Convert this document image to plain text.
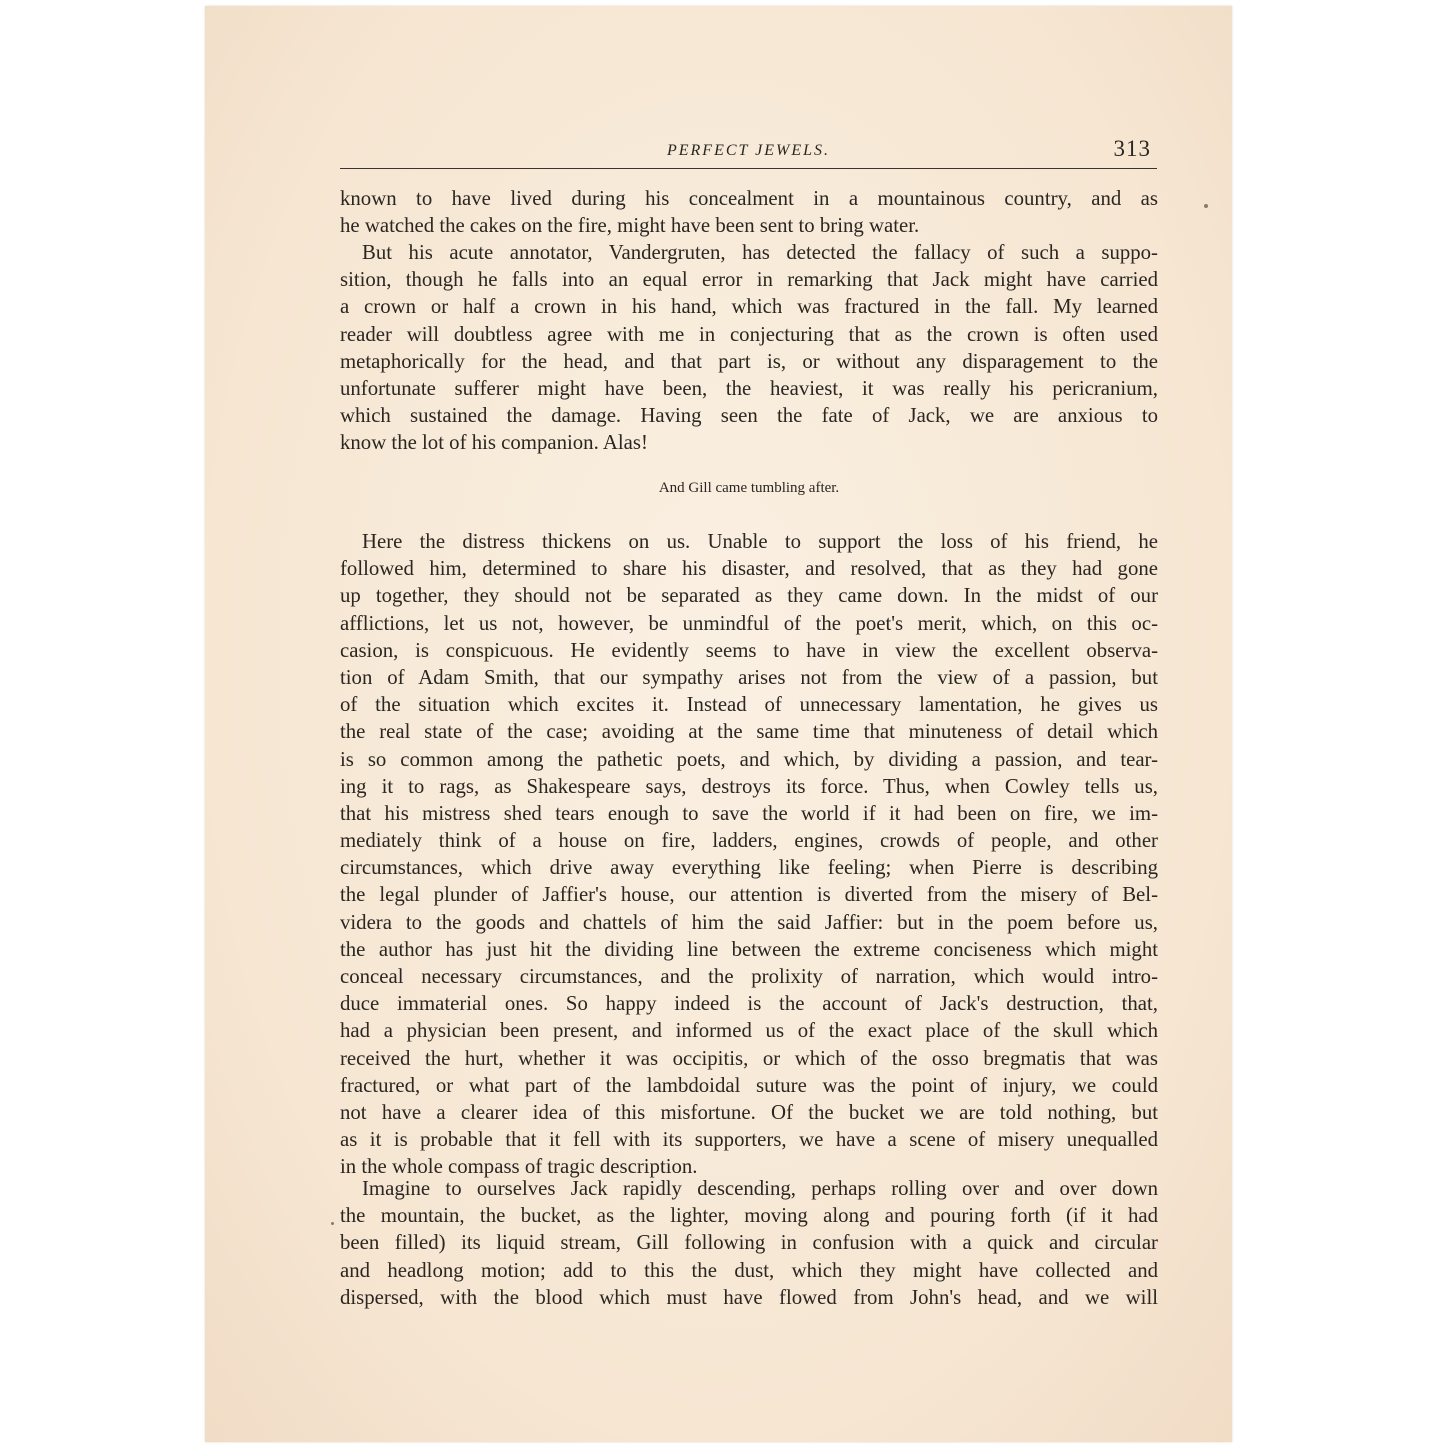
PERFECT JEWELS.	313
known to have lived during his concealment in a mountainous country, and as
he watched the cakes on the fire, might have been sent to bring water.
But his acute annotator, Vandergruten, has detected the fallacy of such a suppo-
sition, though he falls into an equal error in remarking that Jack might have carried
a crown or half a crown in his hand, which was fractured in the fall. My learned
reader will doubtless agree with me in conjecturing that as the crown is often used
metaphorically for the head, and that part is, or without any disparagement to the
unfortunate sufferer might have been, the heaviest, it was really his pericranium,
which sustained the damage. Having seen the fate of Jack, we are anxious to
know the lot of his companion. Alas!
And Gill came tumbling after.
Here the distress thickens on us. Unable to support the loss of his friend, he
followed him, determined to share his disaster, and resolved, that as they had gone
up together, they should not be separated as they came down. In the midst of our
afflictions, let us not, however, be unmindful of the poet's merit, which, on this oc-
casion, is conspicuous. He evidently seems to have in view the excellent observa-
tion of Adam Smith, that our sympathy arises not from the view of a passion, but
of the situation which excites it. Instead of unnecessary lamentation, he gives us
the real state of the case; avoiding at the same time that minuteness of detail which
is so common among the pathetic poets, and which, by dividing a passion, and tear-
ing it to rags, as Shakespeare says, destroys its force. Thus, when Cowley tells us,
that his mistress shed tears enough to save the world if it had been on fire, we im-
mediately think of a house on fire, ladders, engines, crowds of people, and other
circumstances, which drive away everything like feeling; when Pierre is describing
the legal plunder of Jaffier's house, our attention is diverted from the misery of Bel-
videra to the goods and chattels of him the said Jaffier: but in the poem before us,
the author has just hit the dividing line between the extreme conciseness which might
conceal necessary circumstances, and the prolixity of narration, which would intro-
duce immaterial ones. So happy indeed is the account of Jack's destruction, that,
had a physician been present, and informed us of the exact place of the skull which
received the hurt, whether it was occipitis, or which of the osso bregmatis that was
fractured, or what part of the lambdoidal suture was the point of injury, we could
not have a clearer idea of this misfortune. Of the bucket we are told nothing, but
as it is probable that it fell with its supporters, we have a scene of misery unequalled
in the whole compass of tragic description.
Imagine to ourselves Jack rapidly descending, perhaps rolling over and over down
the mountain, the bucket, as the lighter, moving along and pouring forth (if it had
been filled) its liquid stream, Gill following in confusion with a quick and circular
and headlong motion; add to this the dust, which they might have collected and
dispersed, with the blood which must have flowed from John's head, and we will
